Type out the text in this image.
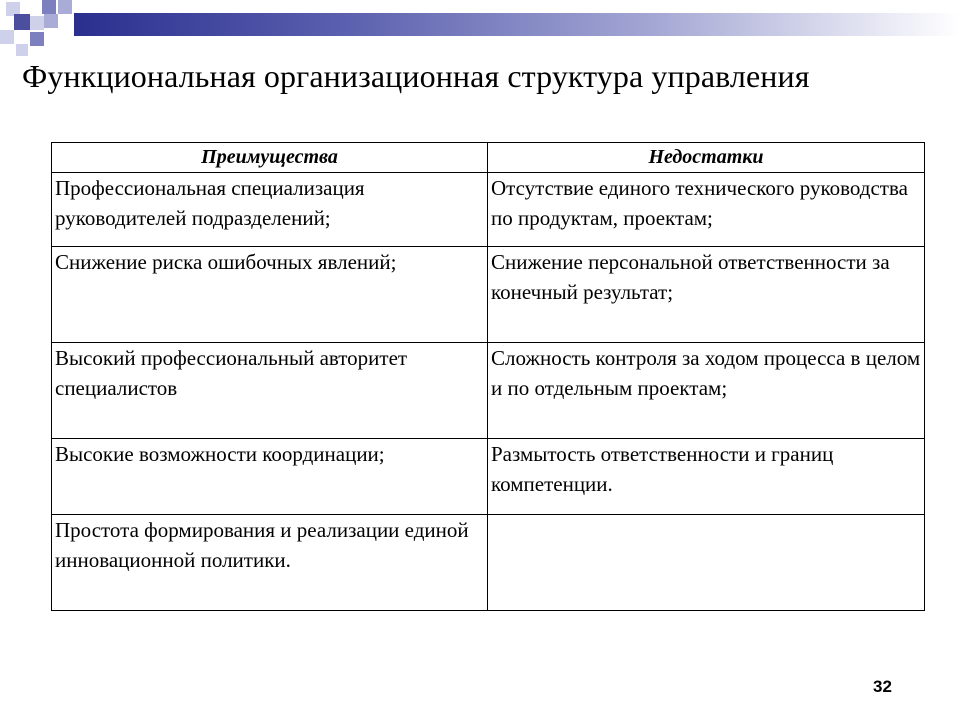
Функциональная организационная структура управления
Преимущества	Недостатки
Профессиональная специализация руководителей подразделений;	Отсутствие единого технического руководства по продуктам, проектам;
Снижение риска ошибочных явлений;	Снижение персональной ответственности за конечный результат;
Высокий профессиональный авторитет специалистов	Сложность контроля за ходом процесса в целом и по отдельным проектам;
Высокие возможности координации;	Размытость ответственности и границ компетенции.
Простота формирования и реализации единой инновационной политики.	
32
